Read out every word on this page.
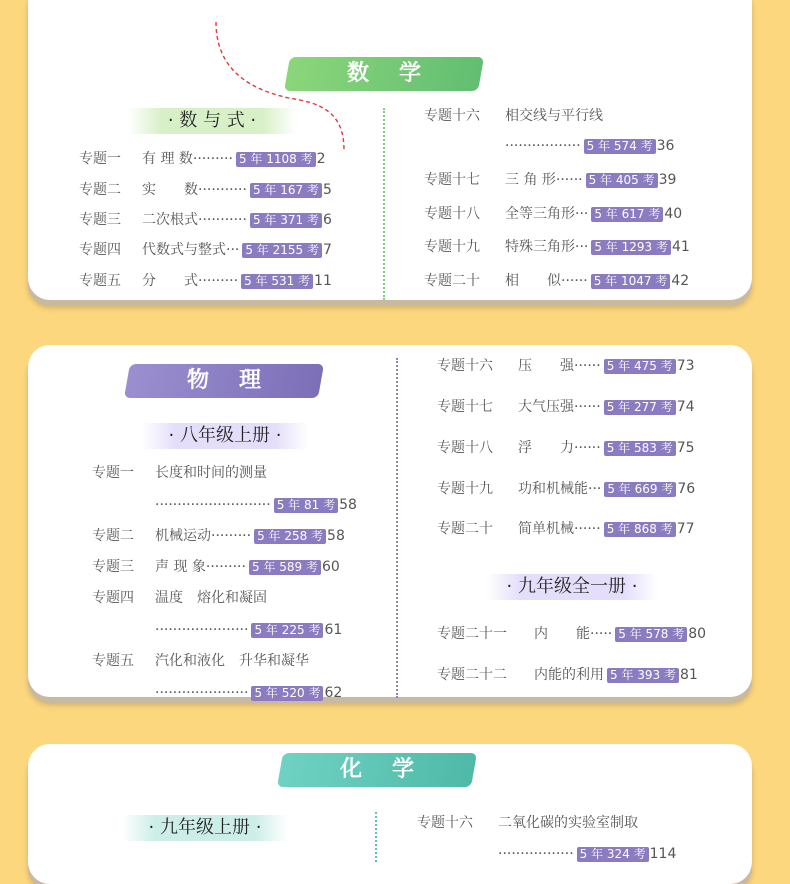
数学
· 数 与 式 ·
专题一 有 理 数········· 5 年 1108 考 2
专题二 实　　数··········· 5 年 167 考 5
专题三 二次根式··········· 5 年 371 考 6
专题四 代数式与整式··· 5 年 2155 考 7
专题五 分　　式········· 5 年 531 考 11
专题十六 相交线与平行线
················· 5 年 574 考 36
专题十七 三 角 形······ 5 年 405 考 39
专题十八 全等三角形··· 5 年 617 考 40
专题十九 特殊三角形··· 5 年 1293 考 41
专题二十 相　　似······ 5 年 1047 考 42
物理
· 八年级上册 ·
· 九年级全一册 ·
专题一 长度和时间的测量
·························· 5 年 81 考 58
专题二 机械运动········· 5 年 258 考 58
专题三 声 现 象········· 5 年 589 考 60
专题四 温度　熔化和凝固
····················· 5 年 225 考 61
专题五 汽化和液化　升华和凝华
····················· 5 年 520 考 62
专题十六 压　　强······ 5 年 475 考 73
专题十七 大气压强······ 5 年 277 考 74
专题十八 浮　　力······ 5 年 583 考 75
专题十九 功和机械能··· 5 年 669 考 76
专题二十 简单机械······ 5 年 868 考 77
专题二十一 内　　能····· 5 年 578 考 80
专题二十二 内能的利用 5 年 393 考 81
化学
· 九年级上册 ·	专题十六 二氧化碳的实验室制取
················· 5 年 324 考 114
